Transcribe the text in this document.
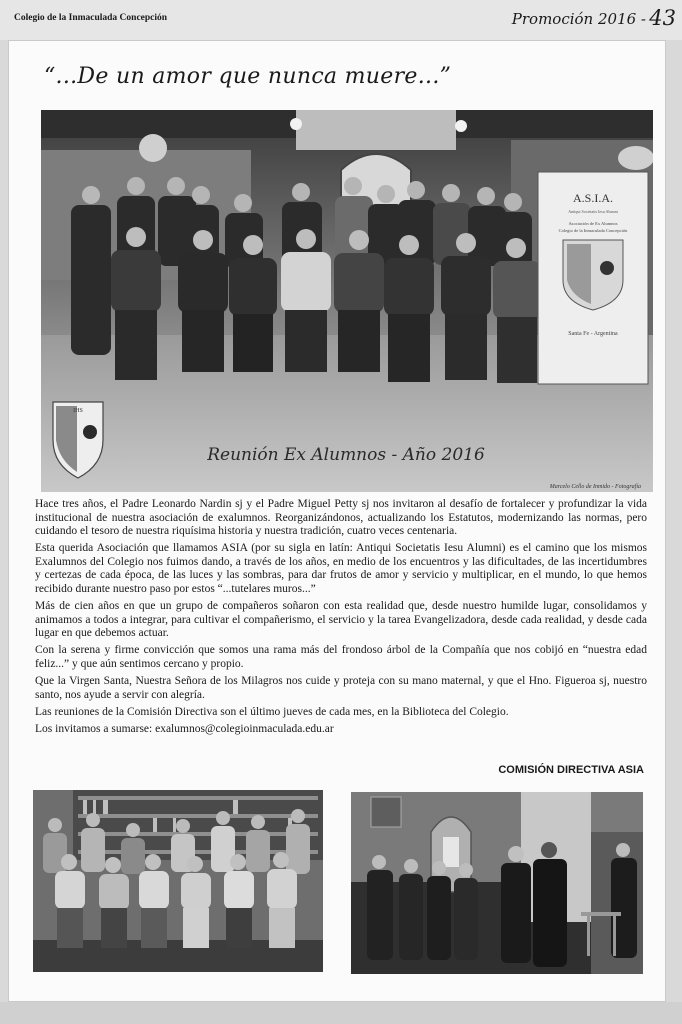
Colegio de la Inmaculada Concepción	Promoción 2016 - 43
“...De un amor que nunca muere...”
A.S.I.A.
Antiqui Societatis Iesu Alumni
Asociación de Ex Alumnos
Colegio de la Inmaculada Concepción
Santa Fe - Argentina
IHS
Reunión Ex Alumnos - Año 2016
Marcelo Cello de Inmido - Fotografía

Hace tres años, el Padre Leonardo Nardin sj y el Padre Miguel Petty sj nos invitaron al desafío de fortalecer y profundizar la vida institucional de nuestra asociación de exalumnos. Reorganizándonos, actualizando los Estatutos, modernizando las normas, pero cuidando el tesoro de nuestra riquísima historia y nuestra tradición, cuatro veces centenaria.

Esta querida Asociación que llamamos ASIA (por su sigla en latín: Antiqui Societatis Iesu Alumni) es el camino que los mismos Exalumnos del Colegio nos fuimos dando, a través de los años, en medio de los encuentros y las dificultades, de las incertidumbres y certezas de cada época, de las luces y las sombras, para dar frutos de amor y servicio y multiplicar, en el mundo, lo que hemos recibido durante nuestro paso por estos “...tutelares muros...”

Más de cien años en que un grupo de compañeros soñaron con esta realidad que, desde nuestro humilde lugar, consolidamos y animamos a todos a integrar, para cultivar el compañerismo, el servicio y la tarea Evangelizadora, desde cada realidad, y desde cada lugar en que debemos actuar.

Con la serena y firme convicción que somos una rama más del frondoso árbol de la Compañía que nos cobijó en “nuestra edad feliz...” y que aún sentimos cercano y propio.

Que la Virgen Santa, Nuestra Señora de los Milagros nos cuide y proteja con su mano maternal, y que el Hno. Figueroa sj, nuestro santo, nos ayude a servir con alegría.

Las reuniones de la Comisión Directiva son el último jueves de cada mes, en la Biblioteca del Colegio.

Los invitamos a sumarse: exalumnos@colegioinmaculada.edu.ar

COMISIÓN DIRECTIVA ASIA
